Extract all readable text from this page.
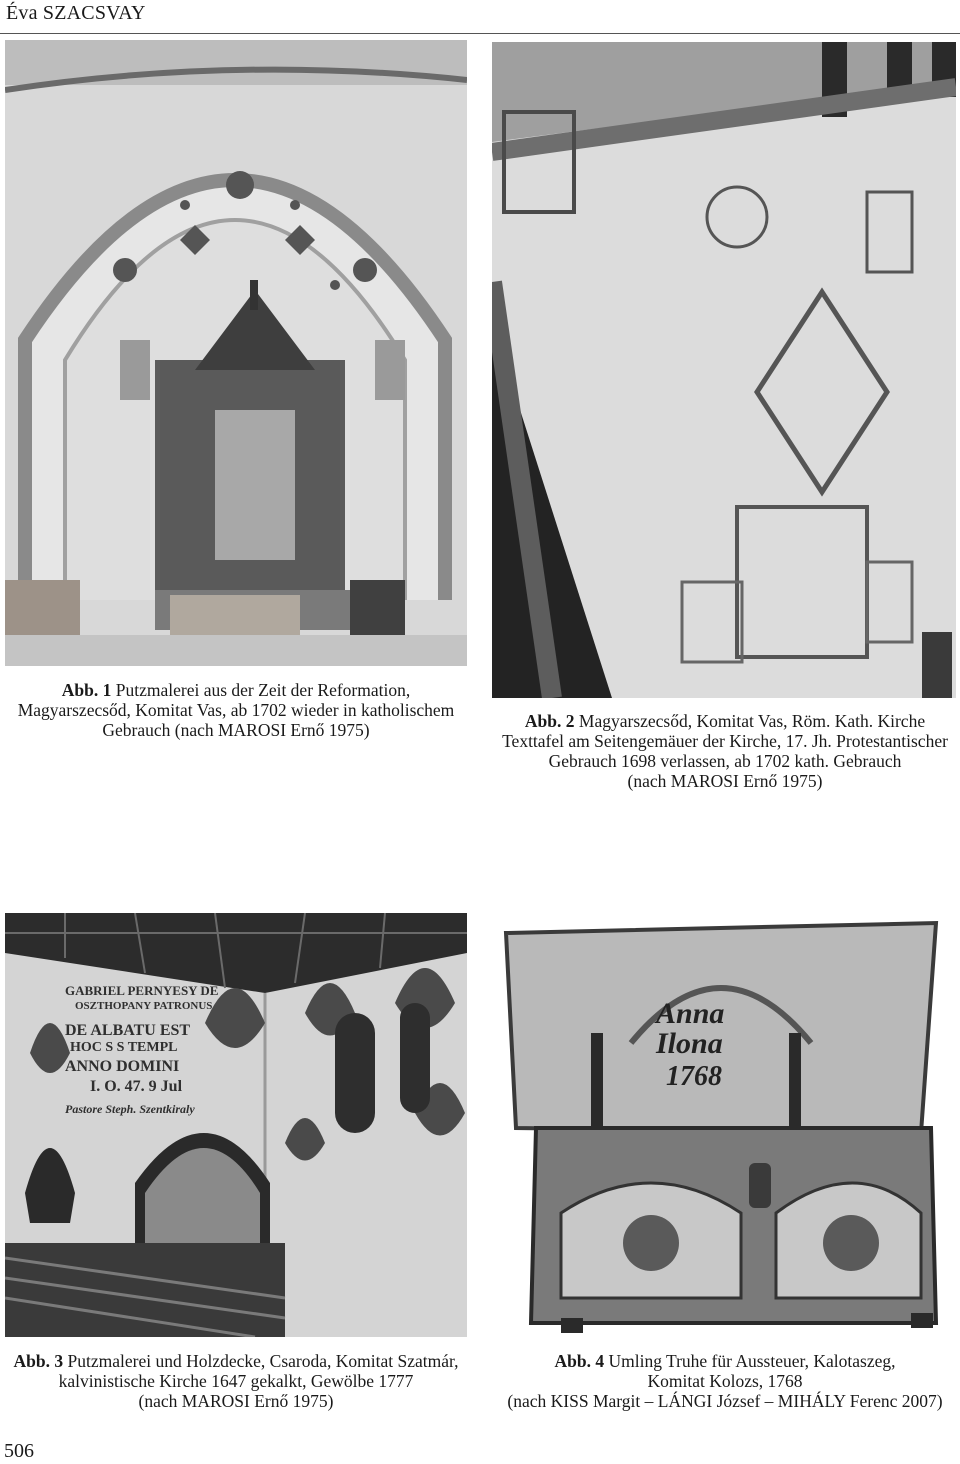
Éva SZACSVAY
GABRIEL PERNYESY DE
OSZTHOPANY PATRONUS
DE ALBATU EST
HOC S S TEMPL
ANNO DOMINI
I. O. 47. 9 Jul
Pastore Steph. Szentkiraly
Anna
Ilona
1768
Abb. 1 Putzmalerei aus der Zeit der Reformation,
Magyarszecsőd, Komitat Vas, ab 1702 wieder in katholischem
Gebrauch (nach MAROSI Ernő 1975)	Abb. 2 Magyarszecsőd, Komitat Vas, Röm. Kath. Kirche
Texttafel am Seitengemäuer der Kirche, 17. Jh. Protestantischer
Gebrauch 1698 verlassen, ab 1702 kath. Gebrauch
(nach MAROSI Ernő 1975)
Abb. 3 Putzmalerei und Holzdecke, Csaroda, Komitat Szatmár,
kalvinistische Kirche 1647 gekalkt, Gewölbe 1777
(nach MAROSI Ernő 1975)
Abb. 4 Umling Truhe für Aussteuer, Kalotaszeg,
Komitat Kolozs, 1768
(nach KISS Margit – LÁNGI József – MIHÁLY Ferenc 2007)
506
